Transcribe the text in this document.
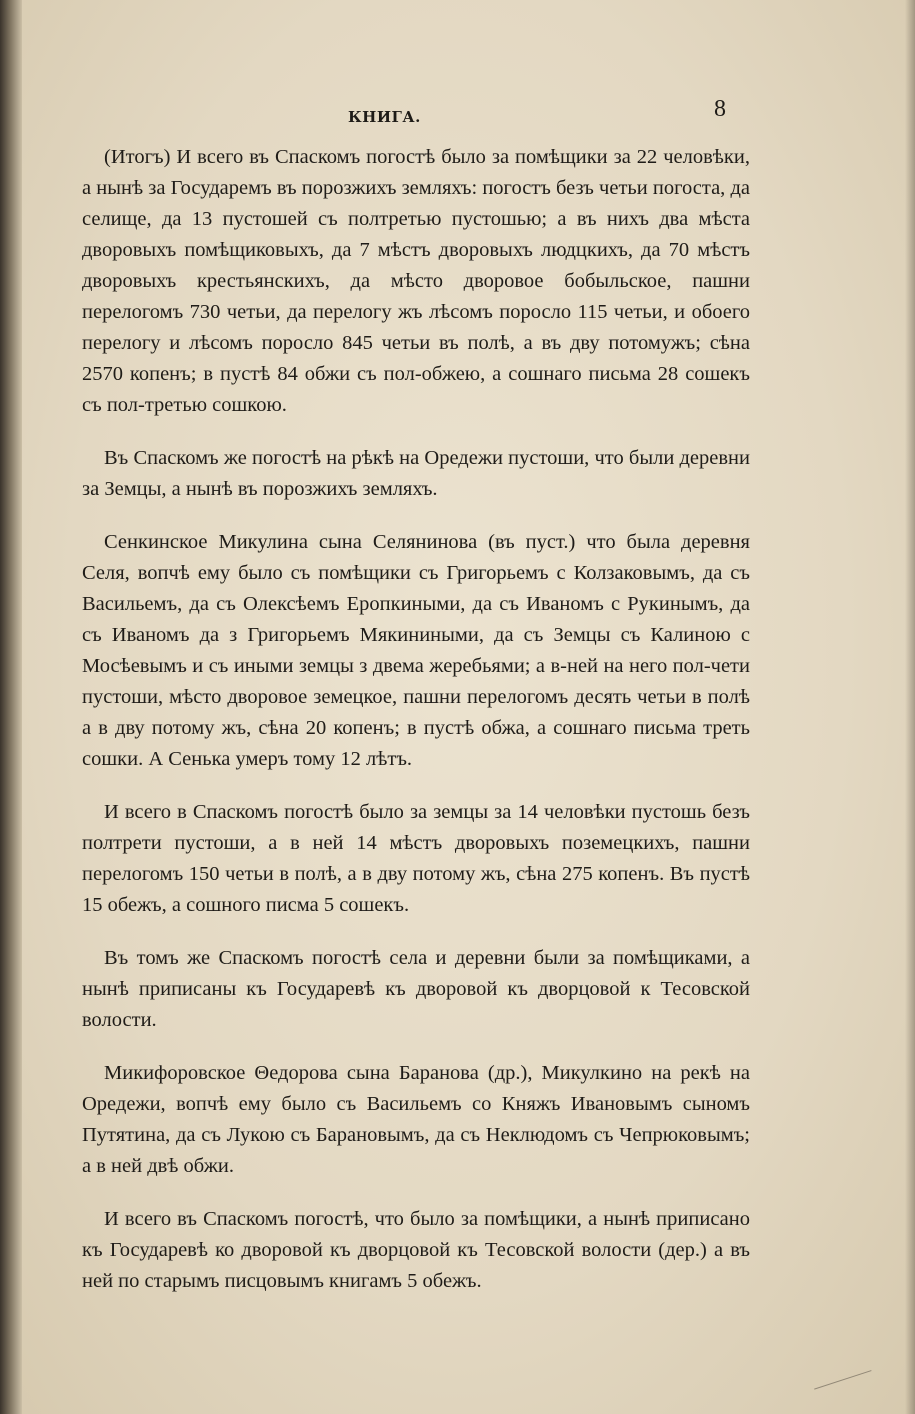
КНИГА.	8

(Итогъ) И всего въ Спаскомъ погостѣ было за помѣщики за 22 человѣки, а нынѣ за Государемъ въ порозжихъ земляхъ: погостъ безъ четьи погоста, да селище, да 13 пустошей съ полтретью пустошью; а въ нихъ два мѣста дворовыхъ помѣщиковыхъ, да 7 мѣстъ дворовыхъ людцкихъ, да 70 мѣстъ дворовыхъ крестьянскихъ, да мѣсто дворовое бобыльское, пашни перелогомъ 730 четьи, да перелогу жъ лѣсомъ поросло 115 четьи, и обоего перелогу и лѣсомъ поросло 845 четьи въ полѣ, а въ дву потомужъ; сѣна 2570 копенъ; в пустѣ 84 обжи съ пол-обжею, а сошнаго письма 28 сошекъ съ пол-третью сошкою.

Въ Спаскомъ же погостѣ на рѣкѣ на Оредежи пустоши, что были деревни за Земцы, а нынѣ въ порозжихъ земляхъ.

Сенкинское Микулина сына Селянинова (въ пуст.) что была деревня Селя, вопчѣ ему было съ помѣщики съ Григорьемъ с Колзаковымъ, да съ Васильемъ, да съ Олексѣемъ Еропкиными, да съ Иваномъ с Рукинымъ, да съ Иваномъ да з Григорьемъ Мякиниными, да съ Земцы съ Калиною с Мосѣевымъ и съ иными земцы з двема жеребьями; а в-ней на него пол-чети пустоши, мѣсто дворовое земецкое, пашни перелогомъ десять четьи в полѣ а в дву потому жъ, сѣна 20 копенъ; в пустѣ обжа, а сошнаго письма треть сошки. А Сенька умеръ тому 12 лѣтъ.

И всего в Спаскомъ погостѣ было за земцы за 14 человѣки пустошь безъ полтрети пустоши, а в ней 14 мѣстъ дворовыхъ поземецкихъ, пашни перелогомъ 150 четьи в полѣ, а в дву потому жъ, сѣна 275 копенъ. Въ пустѣ 15 обежъ, а сошного писма 5 сошекъ.

Въ томъ же Спаскомъ погостѣ села и деревни были за помѣщиками, а нынѣ приписаны къ Государевѣ къ дворовой къ дворцовой к Тесовской волости.

Микифоровское Θедорова сына Баранова (др.), Микулкино на рекѣ на Оредежи, вопчѣ ему было съ Васильемъ со Княжъ Ивановымъ сыномъ Путятина, да съ Лукою съ Барановымъ, да съ Неклюдомъ съ Чепрюковымъ; а в ней двѣ обжи.

И всего въ Спаскомъ погостѣ, что было за помѣщики, а нынѣ приписано къ Государевѣ ко дворовой къ дворцовой къ Тесовской волости (дер.) а въ ней по старымъ писцовымъ книгамъ 5 обежъ.
